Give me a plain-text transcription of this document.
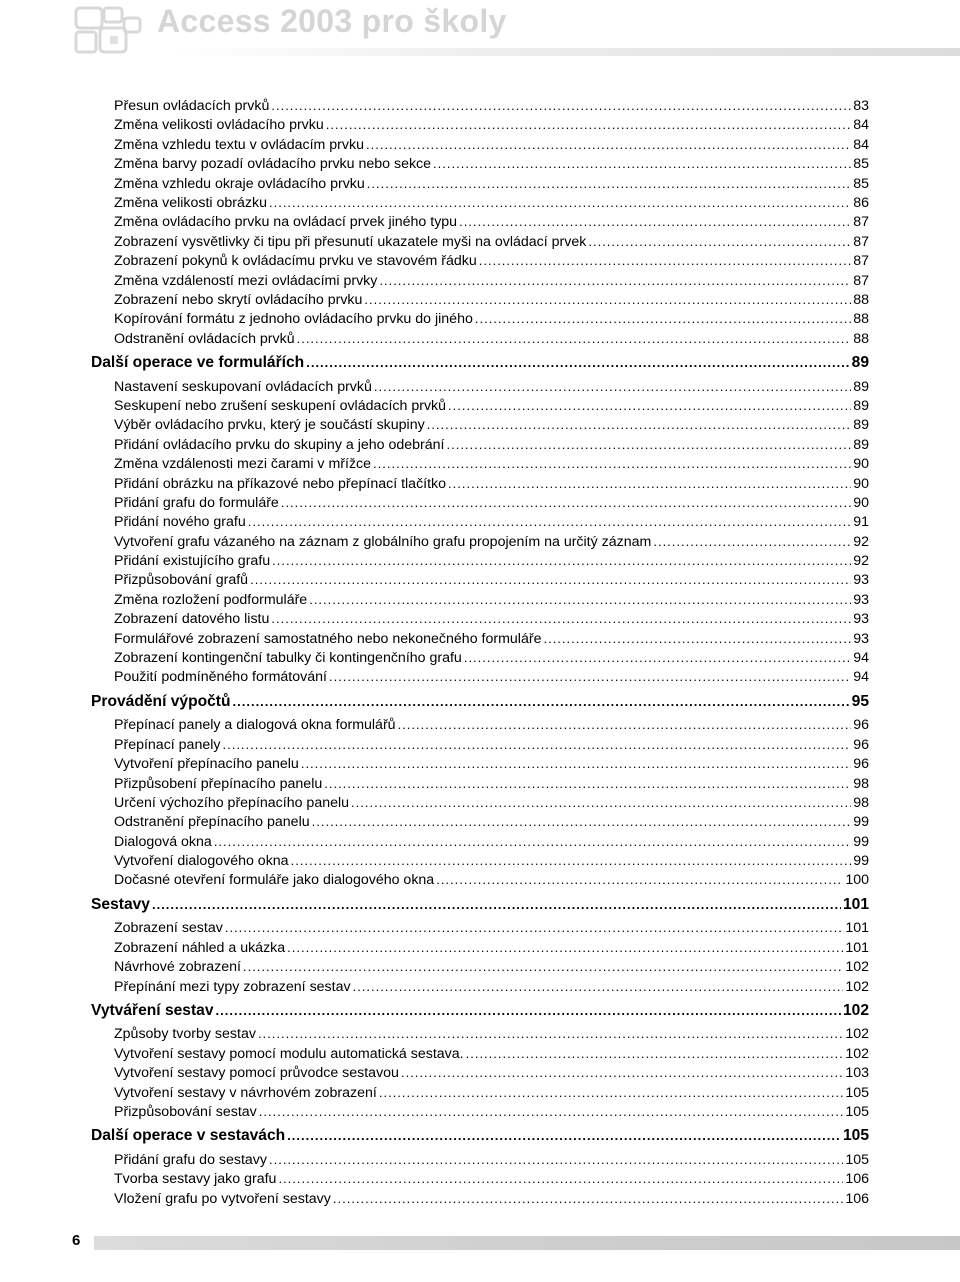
Access 2003 pro školy
Přesun ovládacích prvků .....	83
Změna velikosti ovládacího prvku .....	84
Změna vzhledu textu v ovládacím prvku .....	84
Změna barvy pozadí ovládacího prvku nebo sekce .....	85
Změna vzhledu okraje ovládacího prvku .....	85
Změna velikosti obrázku .....	86
Změna ovládacího prvku na ovládací prvek jiného typu .....	87
Zobrazení vysvětlivky či tipu při přesunutí ukazatele myši na ovládací prvek .....	87
Zobrazení pokynů k ovládacímu prvku ve stavovém řádku .....	87
Změna vzdáleností mezi ovládacími prvky .....	87
Zobrazení nebo skrytí ovládacího prvku .....	88
Kopírování formátu z jednoho ovládacího prvku do jiného .....	88
Odstranění ovládacích prvků .....	88
Další operace ve formulářích .....	89
Nastavení seskupovaní ovládacích prvků .....	89
Seskupení nebo zrušení seskupení ovládacích prvků .....	89
Výběr ovládacího prvku, který je součástí skupiny .....	89
Přidání ovládacího prvku do skupiny a jeho odebrání .....	89
Změna vzdálenosti mezi čarami v mřížce .....	90
Přidání obrázku na příkazové nebo přepínací tlačítko .....	90
Přidání grafu do formuláře .....	90
Přidání nového grafu .....	91
Vytvoření grafu vázaného na záznam z globálního grafu propojením na určitý záznam .....	92
Přidání existujícího grafu .....	92
Přizpůsobování grafů .....	93
Změna rozložení podformuláře .....	93
Zobrazení datového listu .....	93
Formulářové zobrazení samostatného nebo nekonečného formuláře .....	93
Zobrazení kontingenční tabulky či kontingenčního grafu .....	94
Použití podmíněného formátování .....	94
Provádění výpočtů .....	95
Přepínací panely a dialogová okna formulářů .....	96
Přepínací panely .....	96
Vytvoření přepínacího panelu .....	96
Přizpůsobení přepínacího panelu .....	98
Určení výchozího přepínacího panelu .....	98
Odstranění přepínacího panelu .....	99
Dialogová okna .....	99
Vytvoření dialogového okna .....	99
Dočasné otevření formuláře jako dialogového okna .....	100
Sestavy .....	101
Zobrazení sestav .....	101
Zobrazení náhled a ukázka .....	101
Návrhové zobrazení .....	102
Přepínání mezi typy zobrazení sestav .....	102
Vytváření sestav .....	102
Způsoby tvorby sestav .....	102
Vytvoření sestavy pomocí modulu automatická sestava. .....	102
Vytvoření sestavy pomocí průvodce sestavou .....	103
Vytvoření sestavy v návrhovém zobrazení .....	105
Přizpůsobování sestav .....	105
Další operace v sestavách .....	105
Přidání grafu do sestavy .....	105
Tvorba sestavy jako grafu .....	106
Vložení grafu po vytvoření sestavy .....	106
6
